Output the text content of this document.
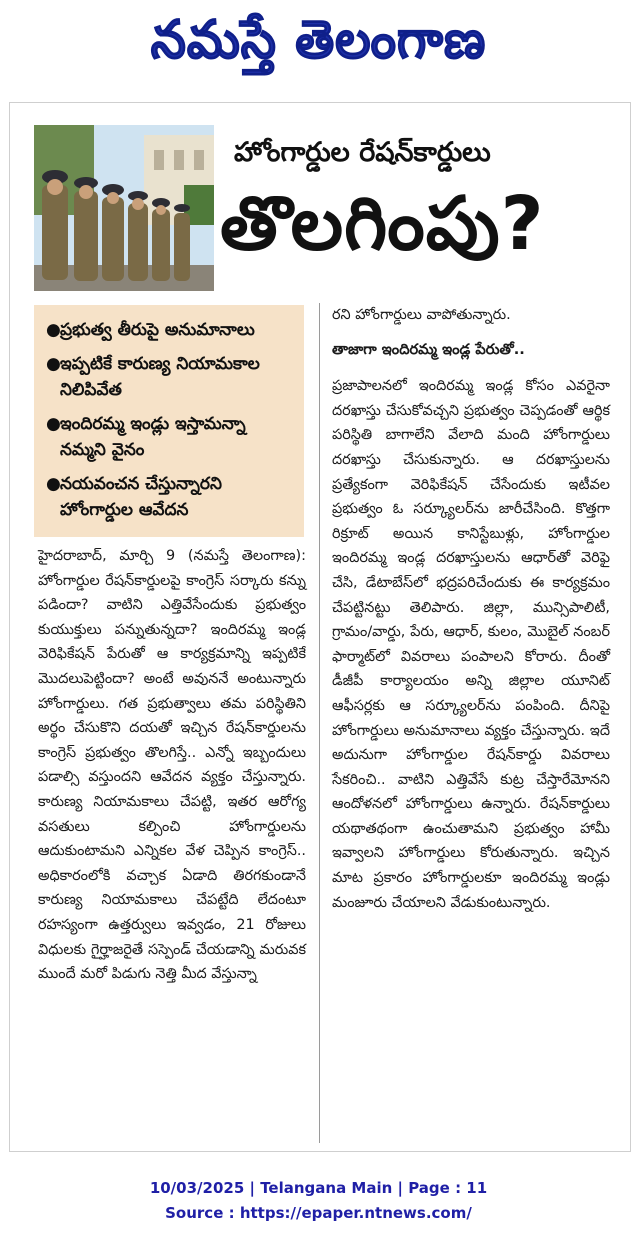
నమస్తే తెలంగాణ
హోంగార్డుల రేషన్‌కార్డులు
తొలగింపు?
● ప్రభుత్వ తీరుపై అనుమానాలు
● ఇప్పటికే కారుణ్య నియామకాల నిలిపివేత
● ఇందిరమ్మ ఇండ్లు ఇస్తామన్నా నమ్మని వైనం
● నయవంచన చేస్తున్నారని హోంగార్డుల ఆవేదన
హైదరాబాద్, మార్చి 9 (నమస్తే తెలంగాణ): హోంగార్డుల రేషన్‌కార్డులపై కాంగ్రెస్ సర్కారు కన్ను పడిందా? వాటిని ఎత్తివేసేందుకు ప్రభుత్వం కుయుక్తులు పన్నుతున్నదా? ఇందిరమ్మ ఇండ్ల వెరిఫికేషన్ పేరుతో ఆ కార్యక్రమాన్ని ఇప్పటికే మొదలుపెట్టిందా? అంటే అవుననే అంటున్నారు హోంగార్డులు. గత ప్రభుత్వాలు తమ పరిస్థితిని అర్థం చేసుకొని దయతో ఇచ్చిన రేషన్‌కార్డులను కాంగ్రెస్ ప్రభుత్వం తొలగిస్తే.. ఎన్నో ఇబ్బందులు పడాల్సి వస్తుందని ఆవేదన వ్యక్తం చేస్తున్నారు. కారుణ్య నియామకాలు చేపట్టి, ఇతర ఆరోగ్య వసతులు కల్పించి హోంగార్డులను ఆదుకుంటామని ఎన్నికల వేళ చెప్పిన కాంగ్రెస్.. అధికారంలోకి వచ్చాక ఏడాది తిరగకుండానే కారుణ్య నియామకాలు చేపట్టేది లేదంటూ రహస్యంగా ఉత్తర్వులు ఇవ్వడం, 21 రోజులు విధులకు గైర్హాజరైతే సస్పెండ్ చేయడాన్ని మరువక ముందే మరో పిడుగు నెత్తి మీద వేస్తున్నా
రని హోంగార్డులు వాపోతున్నారు.
తాజాగా ఇందిరమ్మ ఇండ్ల పేరుతో..
ప్రజాపాలనలో ఇందిరమ్మ ఇండ్ల కోసం ఎవరైనా దరఖాస్తు చేసుకోవచ్చని ప్రభుత్వం చెప్పడంతో ఆర్థిక పరిస్థితి బాగాలేని వేలాది మంది హోంగార్డులు దరఖాస్తు చేసుకున్నారు. ఆ దరఖాస్తులను ప్రత్యేకంగా వెరిఫికేషన్ చేసేందుకు ఇటీవల ప్రభుత్వం ఓ సర్క్యూలర్‌ను జారీచేసింది. కొత్తగా రిక్రూట్ అయిన కానిస్టేబుళ్లు, హోంగార్డుల ఇందిరమ్మ ఇండ్ల దరఖాస్తులను ఆధార్‌తో వెరిఫై చేసి, డేటాబేస్‌లో భద్రపరిచేందుకు ఈ కార్యక్రమం చేపట్టినట్టు తెలిపారు. జిల్లా, మున్సిపాలిటీ, గ్రామం/వార్డు, పేరు, ఆధార్, కులం, మొబైల్ నంబర్ ఫార్మాట్‌లో వివరాలు పంపాలని కోరారు. దీంతో డీజీపీ కార్యాలయం అన్ని జిల్లాల యూనిట్ ఆఫీసర్లకు ఆ సర్క్యూలర్‌ను పంపింది. దీనిపై హోంగార్డులు అనుమానాలు వ్యక్తం చేస్తున్నారు. ఇదే అదునుగా హోంగార్డుల రేషన్‌కార్డు వివరాలు సేకరించి.. వాటిని ఎత్తివేసే కుట్ర చేస్తారేమోనని ఆందోళనలో హోంగార్డులు ఉన్నారు. రేషన్‌కార్డులు యథాతథంగా ఉంచుతామని ప్రభుత్వం హామీ ఇవ్వాలని హోంగార్డులు కోరుతున్నారు. ఇచ్చిన మాట ప్రకారం హోంగార్డులకూ ఇందిరమ్మ ఇండ్లు మంజూరు చేయాలని వేడుకుంటున్నారు.
10/03/2025 | Telangana Main | Page : 11
Source : https://epaper.ntnews.com/
